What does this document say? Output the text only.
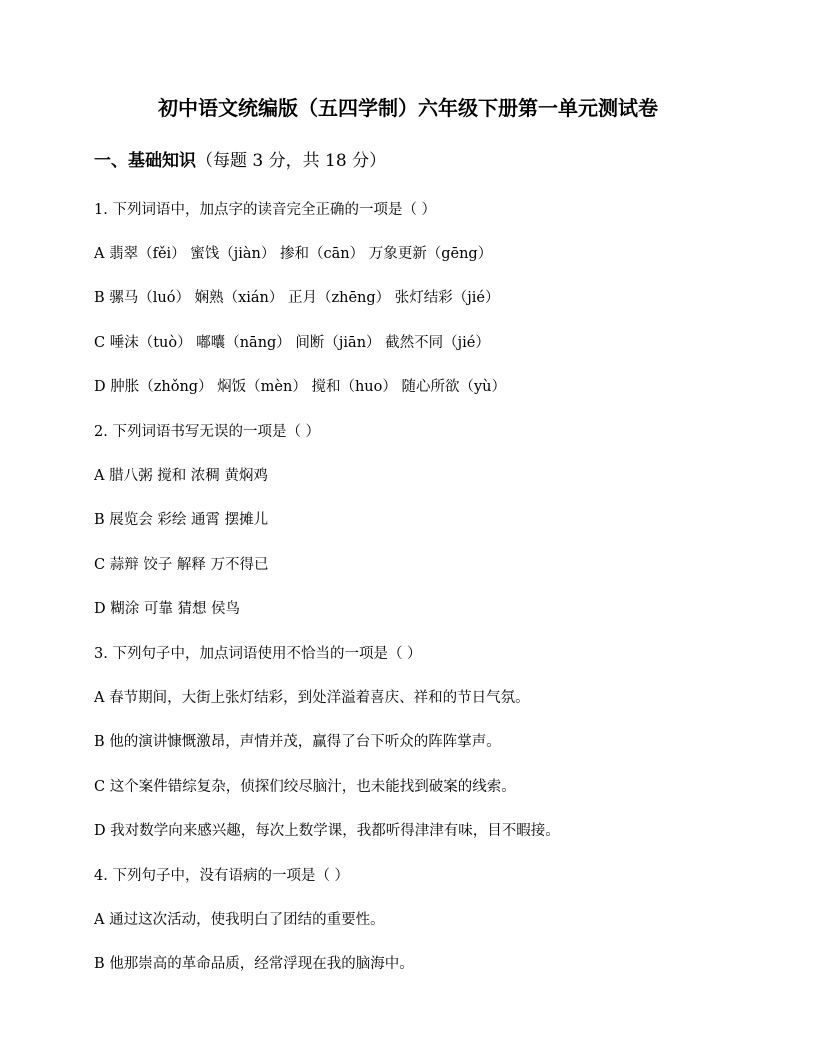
初中语文统编版（五四学制）六年级下册第一单元测试卷
一、基础知识（每题 3 分，共 18 分）
1. 下列词语中，加点字的读音完全正确的一项是（ ）
A 翡翠（fěi） 蜜饯（jiàn） 掺和（cān） 万象更新（gēng）
B 骡马（luó） 娴熟（xián） 正月（zhēng） 张灯结彩（jié）
C 唾沫（tuò） 嘟囔（nāng） 间断（jiān） 截然不同（jié）
D 肿胀（zhǒng） 焖饭（mèn） 搅和（huo） 随心所欲（yù）
2. 下列词语书写无误的一项是（ ）
A 腊八粥 搅和 浓稠 黄焖鸡
B 展览会 彩绘 通霄 摆摊儿
C 蒜辩 饺子 解释 万不得已
D 糊涂 可靠 猜想 侯鸟
3. 下列句子中，加点词语使用不恰当的一项是（ ）
A 春节期间，大街上张灯结彩，到处洋溢着喜庆、祥和的节日气氛。
B 他的演讲慷慨激昂，声情并茂，赢得了台下听众的阵阵掌声。
C 这个案件错综复杂，侦探们绞尽脑汁，也未能找到破案的线索。
D 我对数学向来感兴趣，每次上数学课，我都听得津津有味，目不暇接。
4. 下列句子中，没有语病的一项是（ ）
A 通过这次活动，使我明白了团结的重要性。
B 他那崇高的革命品质，经常浮现在我的脑海中。
